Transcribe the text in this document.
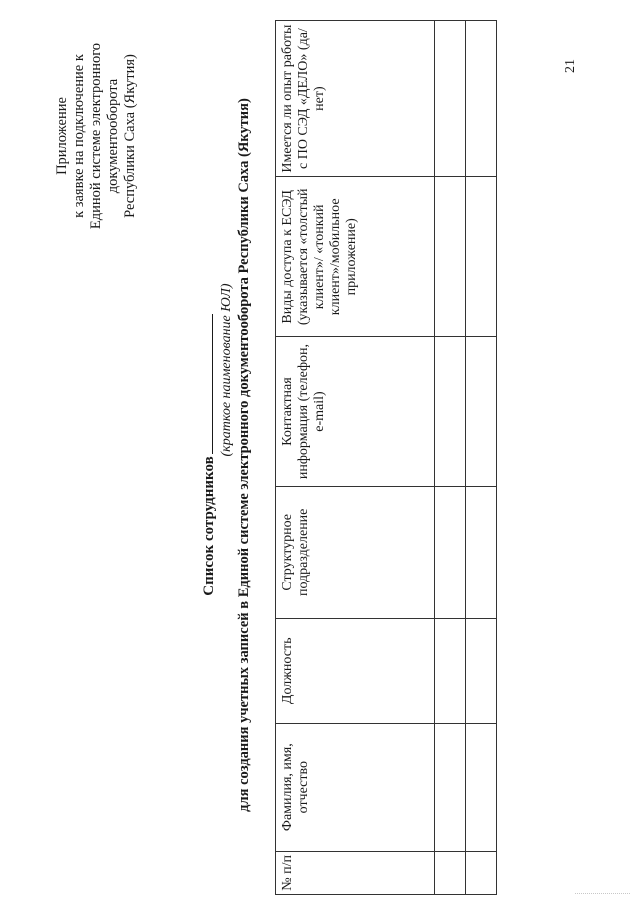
21
Приложение к заявке на подключение к Единой системе электронного документооборота Республики Саха (Якутия)
Список сотрудников
(краткое наименование ЮЛ) для создания учетных записей в Единой системе электронного документооборота Республики Саха (Якутия)
№ п/п	Фамилия, имя, отчество	Должность	Структурное подразделение	Контактная информация (телефон, e-mail)	Виды доступа к ЕСЭД (указывается «толстый клиент»/ «тонкий клиент»/мобильное приложение)	Имеется ли опыт работы с ПО СЭД «ДЕЛО» (да/нет)
